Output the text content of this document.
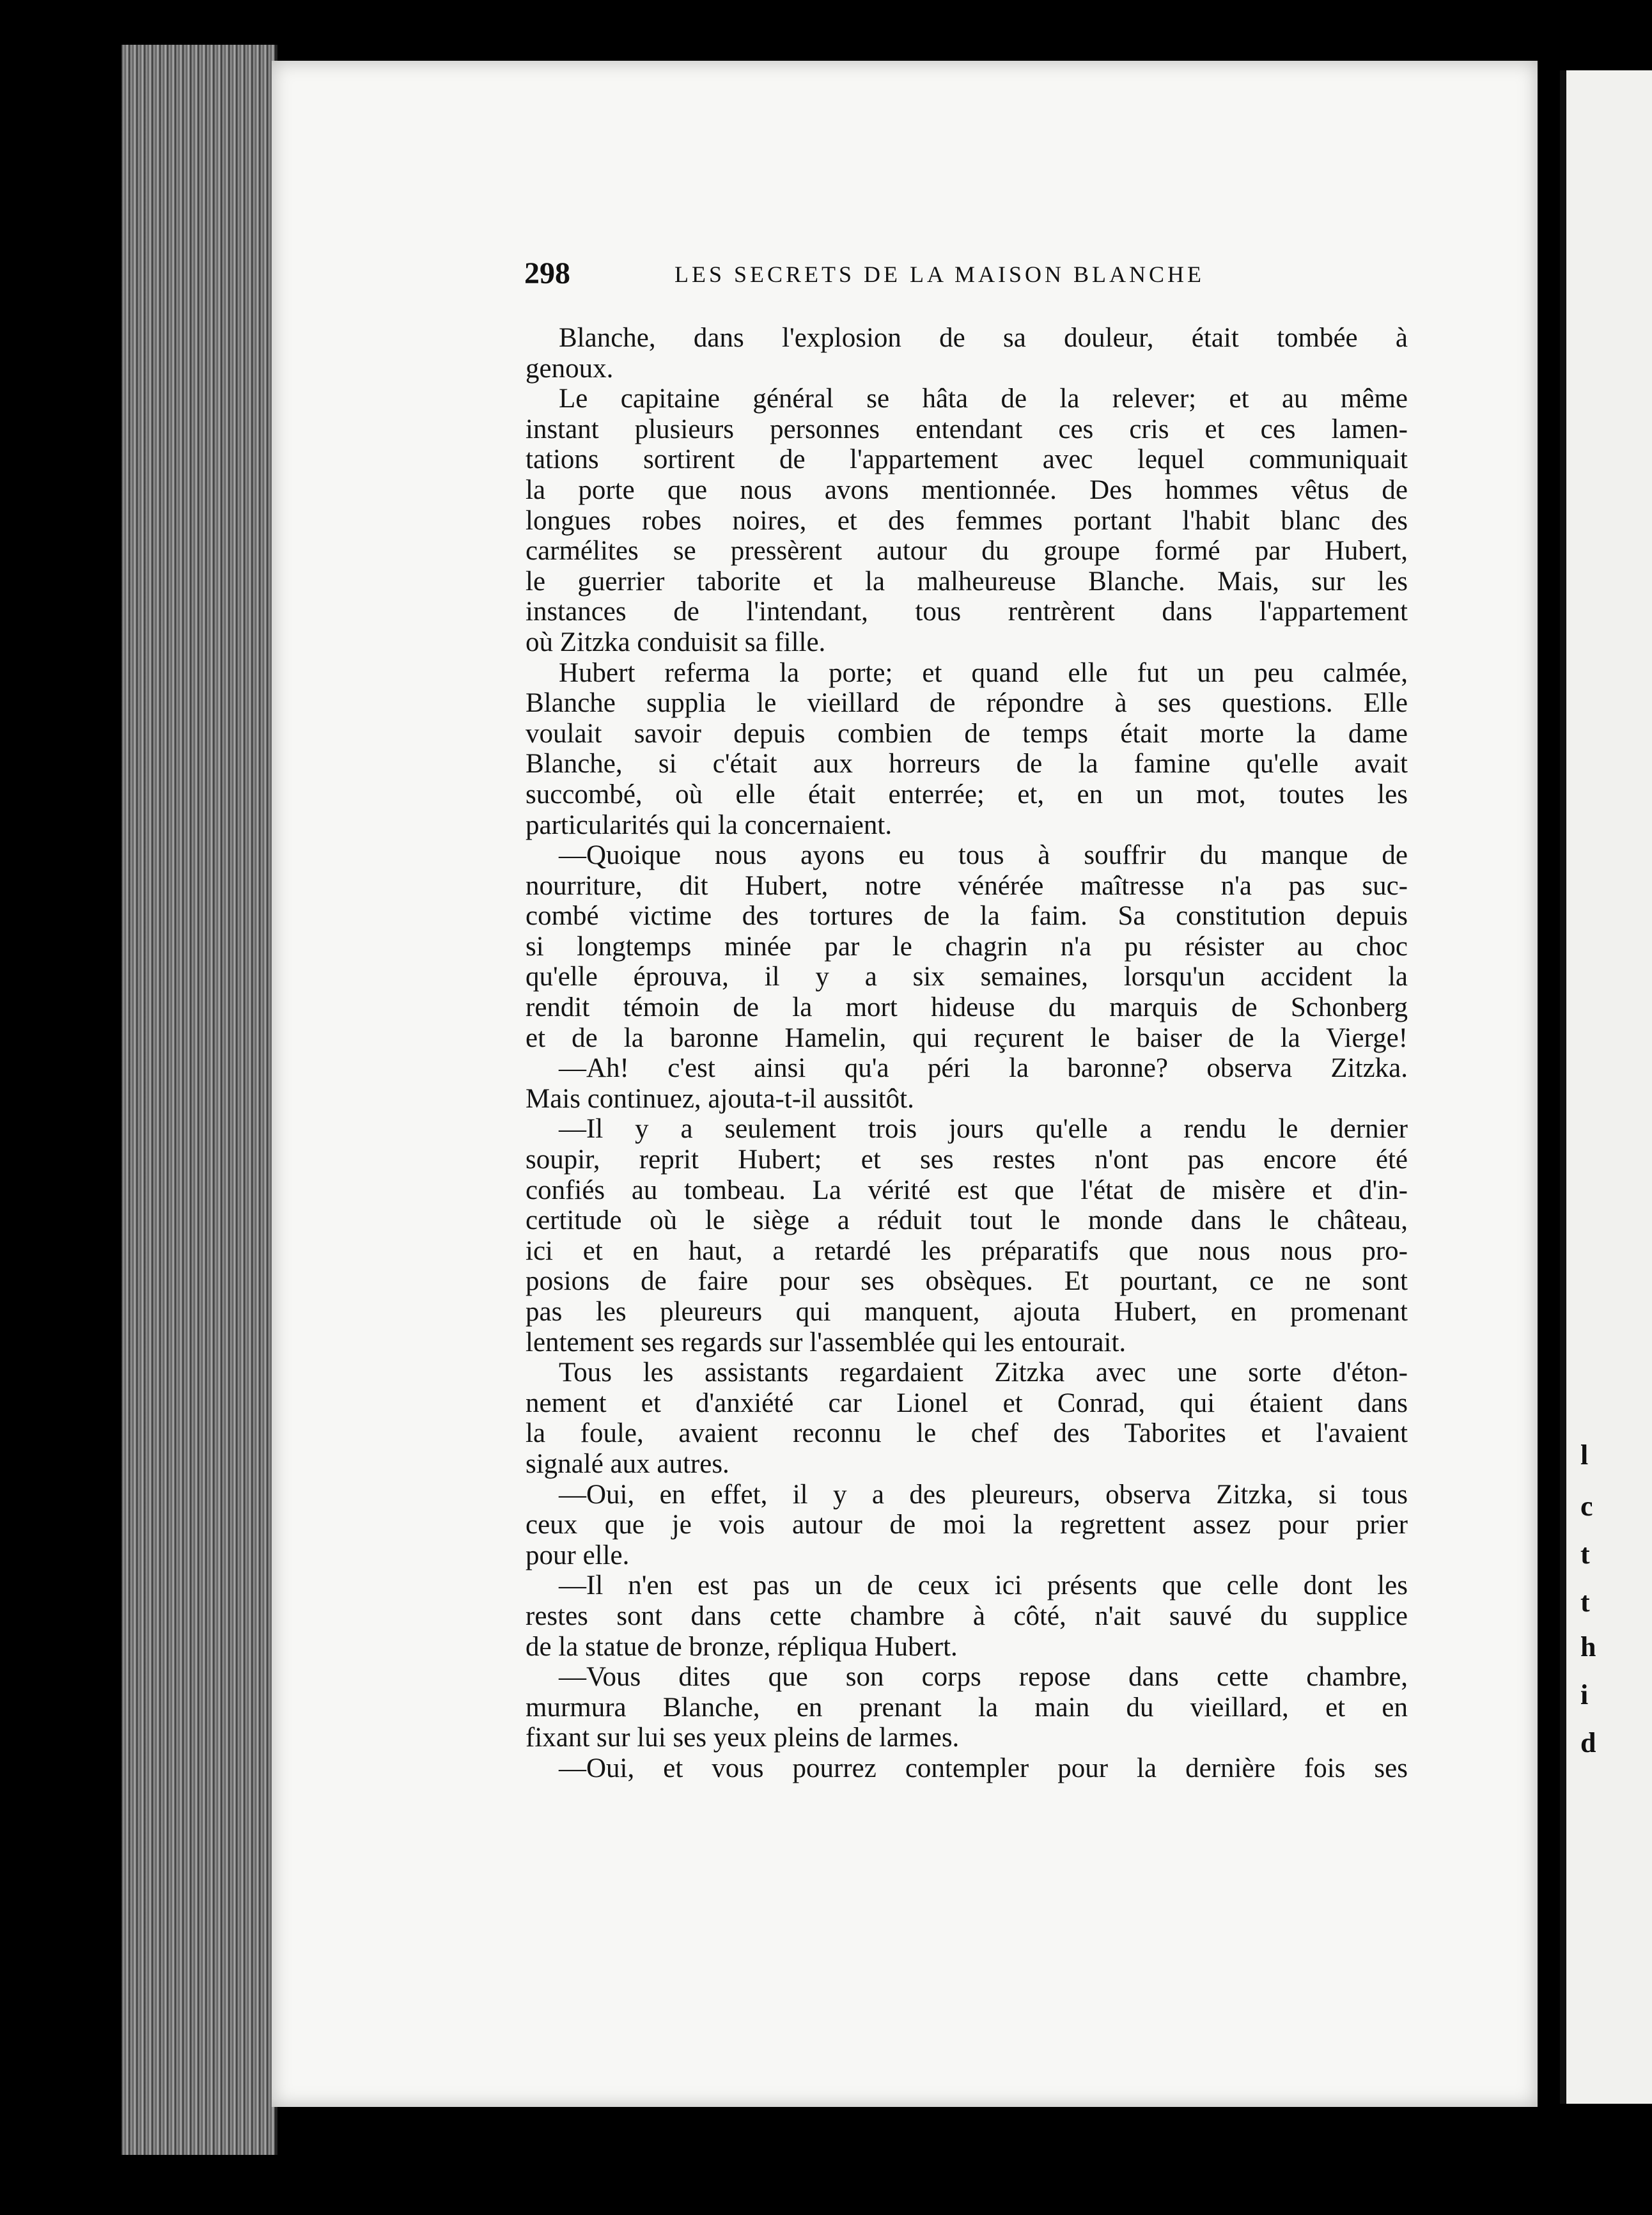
l
c
t
t
h
i
d
298	LES SECRETS DE LA MAISON BLANCHE
Blanche, dans l'explosion de sa douleur, était tombée à
genoux.
Le capitaine général se hâta de la relever; et au même
instant plusieurs personnes entendant ces cris et ces lamen-
tations sortirent de l'appartement avec lequel communiquait
la porte que nous avons mentionnée. Des hommes vêtus de
longues robes noires, et des femmes portant l'habit blanc des
carmélites se pressèrent autour du groupe formé par Hubert,
le guerrier taborite et la malheureuse Blanche. Mais, sur les
instances de l'intendant, tous rentrèrent dans l'appartement
où Zitzka conduisit sa fille.
Hubert referma la porte; et quand elle fut un peu calmée,
Blanche supplia le vieillard de répondre à ses questions. Elle
voulait savoir depuis combien de temps était morte la dame
Blanche, si c'était aux horreurs de la famine qu'elle avait
succombé, où elle était enterrée; et, en un mot, toutes les
particularités qui la concernaient.
—Quoique nous ayons eu tous à souffrir du manque de
nourriture, dit Hubert, notre vénérée maîtresse n'a pas suc-
combé victime des tortures de la faim. Sa constitution depuis
si longtemps minée par le chagrin n'a pu résister au choc
qu'elle éprouva, il y a six semaines, lorsqu'un accident la
rendit témoin de la mort hideuse du marquis de Schonberg
et de la baronne Hamelin, qui reçurent le baiser de la Vierge!
—Ah! c'est ainsi qu'a péri la baronne? observa Zitzka.
Mais continuez, ajouta-t-il aussitôt.
—Il y a seulement trois jours qu'elle a rendu le dernier
soupir, reprit Hubert; et ses restes n'ont pas encore été
confiés au tombeau. La vérité est que l'état de misère et d'in-
certitude où le siège a réduit tout le monde dans le château,
ici et en haut, a retardé les préparatifs que nous nous pro-
posions de faire pour ses obsèques. Et pourtant, ce ne sont
pas les pleureurs qui manquent, ajouta Hubert, en promenant
lentement ses regards sur l'assemblée qui les entourait.
Tous les assistants regardaient Zitzka avec une sorte d'éton-
nement et d'anxiété car Lionel et Conrad, qui étaient dans
la foule, avaient reconnu le chef des Taborites et l'avaient
signalé aux autres.
—Oui, en effet, il y a des pleureurs, observa Zitzka, si tous
ceux que je vois autour de moi la regrettent assez pour prier
pour elle.
—Il n'en est pas un de ceux ici présents que celle dont les
restes sont dans cette chambre à côté, n'ait sauvé du supplice
de la statue de bronze, répliqua Hubert.
—Vous dites que son corps repose dans cette chambre,
murmura Blanche, en prenant la main du vieillard, et en
fixant sur lui ses yeux pleins de larmes.
—Oui, et vous pourrez contempler pour la dernière fois ses
